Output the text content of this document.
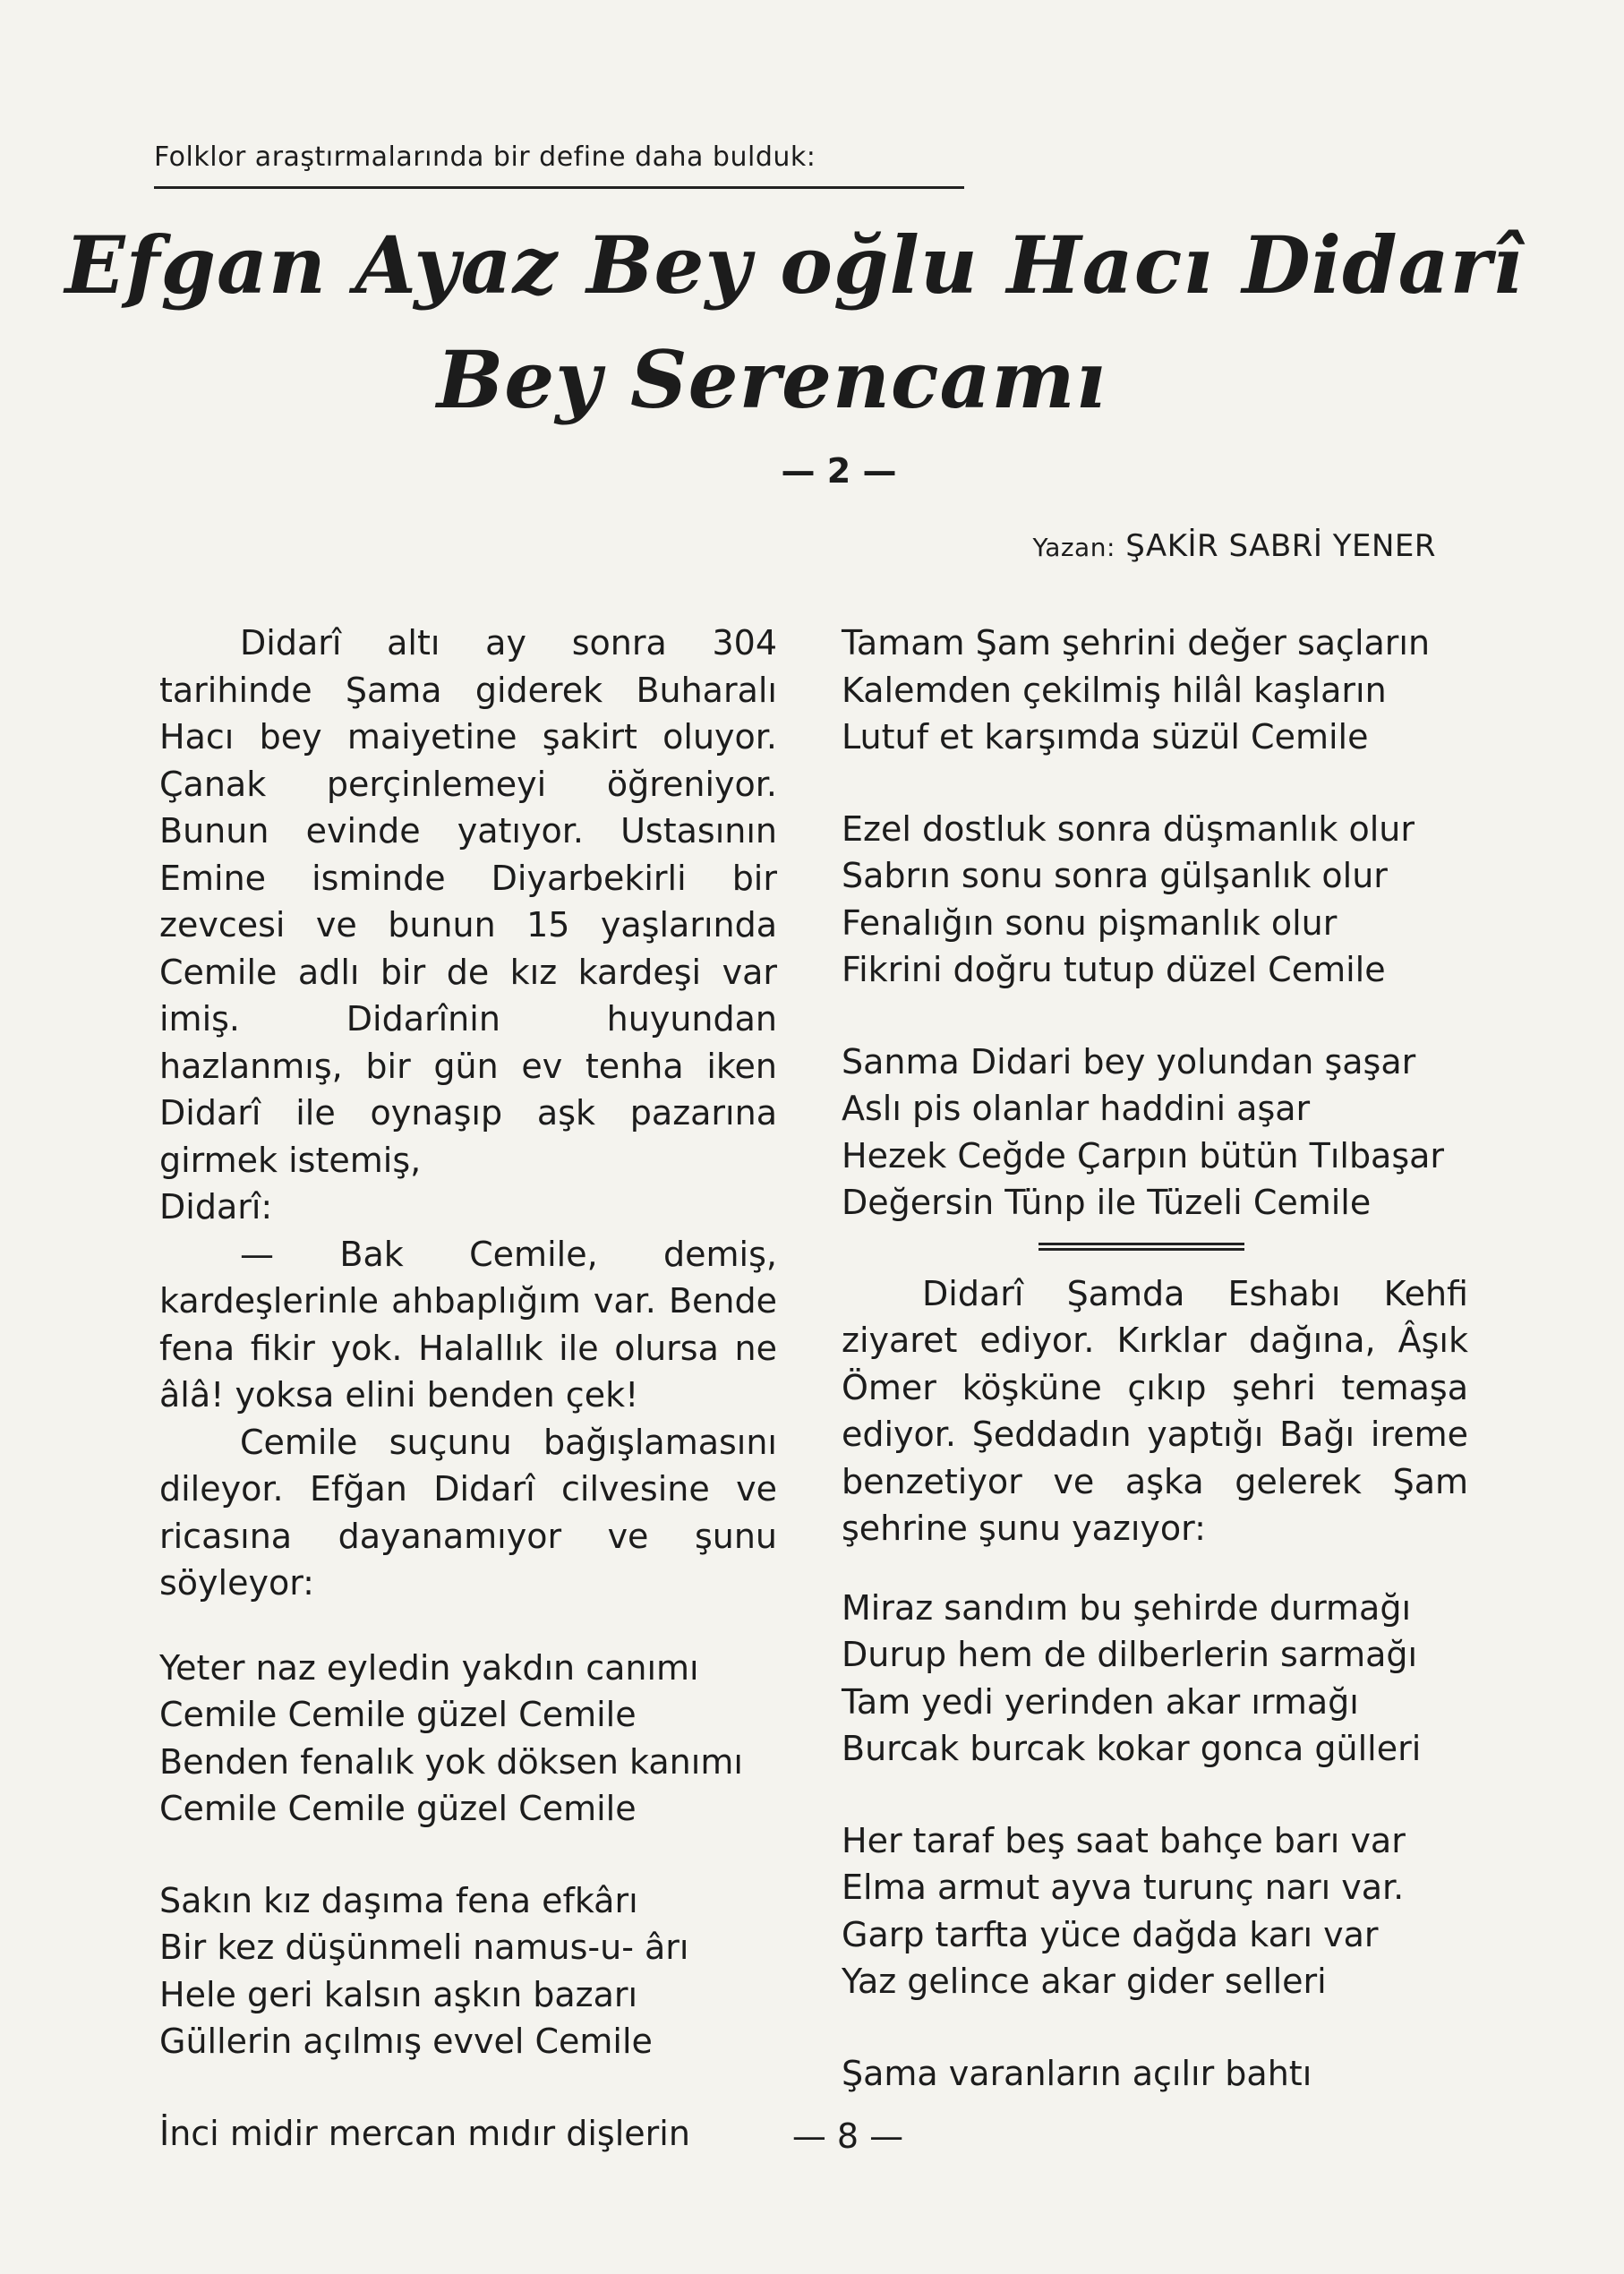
Folklor araştırmalarında bir define daha bulduk:
Efgan Ayaz Bey oğlu Hacı Didarî
Bey Serencamı
— 2 —
Yazan: ŞAKİR SABRİ YENER

Didarî altı ay sonra 304 tarihinde Şama giderek Buharalı Hacı bey maiyetine şakirt oluyor. Çanak perçinlemeyi öğreniyor. Bunun evinde yatıyor. Ustasının Emine isminde Diyarbekirli bir zevcesi ve bunun 15 yaşlarında Cemile adlı bir de kız kardeşi var imiş. Didarînin huyundan hazlanmış, bir gün ev tenha iken Didarî ile oynaşıp aşk pazarına girmek istemiş,
Didarî:

— Bak Cemile, demiş, kardeşlerinle ahbaplığım var. Bende fena fikir yok. Halallık ile olursa ne âlâ! yoksa elini benden çek!

Cemile suçunu bağışlamasını dileyor. Efğan Didarî cilvesine ve ricasına dayanamıyor ve şunu söyleyor:

Yeter naz eyledin yakdın canımı
Cemile Cemile güzel Cemile
Benden fenalık yok döksen kanımı
Cemile Cemile güzel Cemile
Sakın kız daşıma fena efkârı
Bir kez düşünmeli namus-u- ârı
Hele geri kalsın aşkın bazarı
Güllerin açılmış evvel Cemile
İnci midir mercan mıdır dişlerin
Tamam Şam şehrini değer saçların
Kalemden çekilmiş hilâl kaşların
Lutuf et karşımda süzül Cemile
Ezel dostluk sonra düşmanlık olur
Sabrın sonu sonra gülşanlık olur
Fenalığın sonu pişmanlık olur
Fikrini doğru tutup düzel Cemile
Sanma Didari bey yolundan şaşar
Aslı pis olanlar haddini aşar
Hezek Ceğde Çarpın bütün Tılbaşar
Değersin Tünp ile Tüzeli Cemile

Didarî Şamda Eshabı Kehfi ziyaret ediyor. Kırklar dağına, Âşık Ömer köşküne çıkıp şehri temaşa ediyor. Şeddadın yaptığı Bağı ireme benzetiyor ve aşka gelerek Şam şehrine şunu yazıyor:

Miraz sandım bu şehirde durmağı
Durup hem de dilberlerin sarmağı
Tam yedi yerinden akar ırmağı
Burcak burcak kokar gonca gülleri
Her taraf beş saat bahçe barı var
Elma armut ayva turunç narı var.
Garp tarfta yüce dağda karı var
Yaz gelince akar gider selleri
Şama varanların açılır bahtı
— 8 —
